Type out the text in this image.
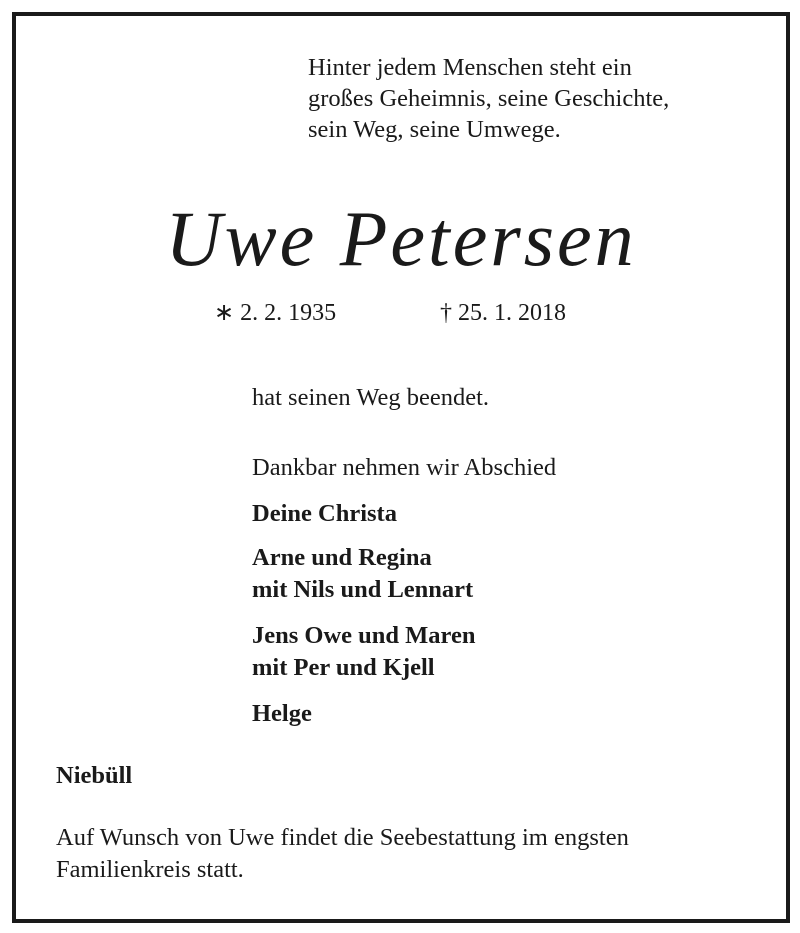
Hinter jedem Menschen steht ein
großes Geheimnis, seine Geschichte,
sein Weg, seine Umwege.

Uwe Petersen
∗ 2. 2. 1935	† 25. 1. 2018

hat seinen Weg beendet.

Dankbar nehmen wir Abschied

Deine Christa

Arne und Regina
mit Nils und Lennart

Jens Owe und Maren
mit Per und Kjell

Helge

Niebüll

Auf Wunsch von Uwe findet die Seebestattung im engsten
Familienkreis statt.
